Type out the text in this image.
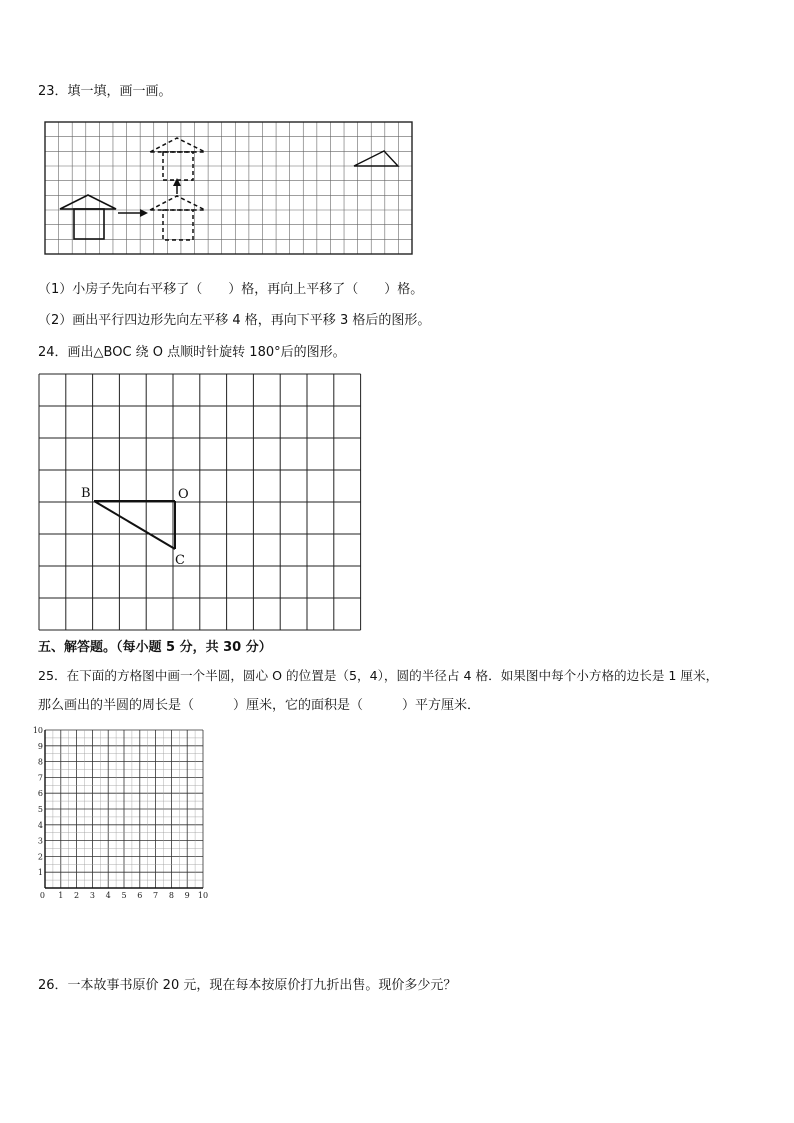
23．填一填，画一画。
（1）小房子先向右平移了（　　）格，再向上平移了（　　）格。
（2）画出平行四边形先向左平移 4 格，再向下平移 3 格后的图形。
24．画出△BOC 绕 O 点顺时针旋转 180°后的图形。
B	O
C
五、解答题。（每小题 5 分，共 30 分）
25．在下面的方格图中画一个半圆，圆心 O 的位置是（5，4），圆的半径占 4 格．如果图中每个小方格的边长是 1 厘米，
那么画出的半圆的周长是（　　　）厘米，它的面积是（　　　）平方厘米．
0 1 2 3 4 5 6 7 8 9 10
10
9
8
7
6
5
4
3
2
1
26．一本故事书原价 20 元，现在每本按原价打九折出售。现价多少元？
